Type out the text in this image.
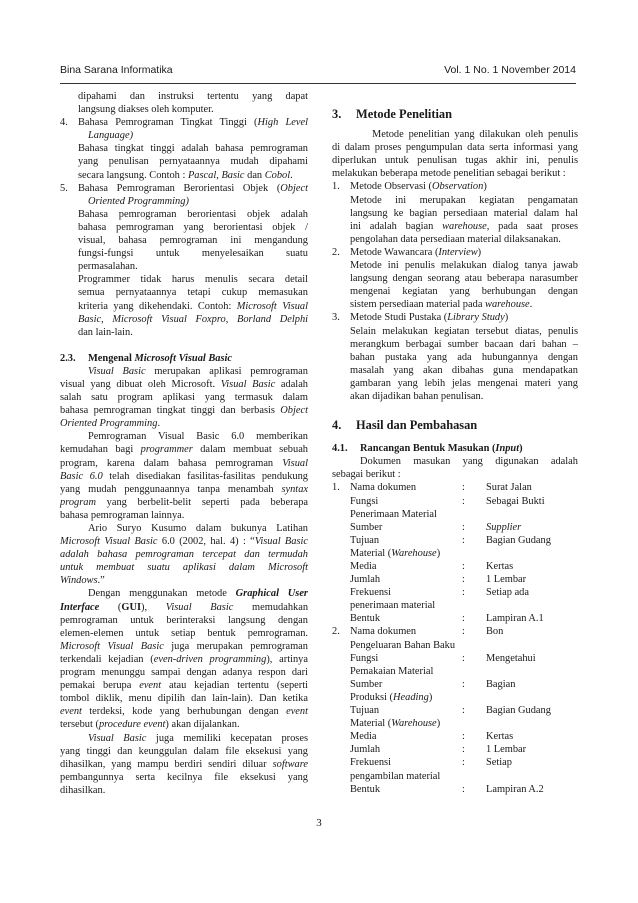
Bina Sarana Informatika	Vol. 1 No. 1 November 2014

dipahami dan instruksi tertentu yang dapat

langsung diakses oleh komputer.

4. Bahasa Pemrograman Tingkat Tinggi (High Level

Language)

Bahasa tingkat tinggi adalah bahasa pemrograman

yang penulisan pernyataannya mudah dipahami

secara langsung. Contoh : Pascal, Basic dan Cobol.

5. Bahasa Pemrograman Berorientasi Objek (Object

Oriented Programming)

Bahasa pemrograman berorientasi objek adalah

bahasa pemrograman yang berorientasi objek /

visual, bahasa pemrograman ini mengandung

fungsi-fungsi untuk menyelesaikan suatu

permasalahan.

Programmer tidak harus menulis secara detail

semua pernyataannya tetapi cukup memasukan

kriteria yang dikehendaki. Contoh: Microsoft Visual

Basic, Microsoft Visual Foxpro, Borland Delphi

dan lain-lain.

2.3.	Mengenal Microsoft Visual Basic

Visual Basic merupakan aplikasi pemrograman

visual yang dibuat oleh Microsoft. Visual Basic adalah

salah satu program aplikasi yang termasuk dalam

bahasa pemrograman tingkat tinggi dan berbasis Object

Oriented Programming.

Pemrograman Visual Basic 6.0 memberikan

kemudahan bagi programmer dalam membuat sebuah

program, karena dalam bahasa pemrograman Visual

Basic 6.0 telah disediakan fasilitas-fasilitas pendukung

yang mudah penggunaannya tanpa menambah syntax

program yang berbelit-belit seperti pada beberapa

bahasa pemrograman lainnya.

Ario Suryo Kusumo dalam bukunya Latihan

Microsoft Visual Basic 6.0 (2002, hal. 4) : “Visual Basic

adalah bahasa pemrograman tercepat dan termudah

untuk membuat suatu aplikasi dalam Microsoft

Windows.”

Dengan menggunakan metode Graphical User

Interface (GUI), Visual Basic memudahkan

pemrograman untuk berinteraksi langsung dengan

elemen-elemen untuk setiap bentuk pemrograman.

Microsoft Visual Basic juga merupakan pemrograman

terkendali kejadian (even-driven programming), artinya

program menunggu sampai dengan adanya respon dari

pemakai berupa event atau kejadian tertentu (seperti

tombol diklik, menu dipilih dan lain-lain). Dan ketika

event terdeksi, kode yang berhubungan dengan event

tersebut (procedure event) akan dijalankan.

Visual Basic juga memiliki kecepatan proses

yang tinggi dan keunggulan dalam file eksekusi yang

dihasilkan, yang mampu berdiri sendiri diluar software

pembangunnya serta kecilnya file eksekusi yang

dihasilkan.

3.	Metode Penelitian

Metode penelitian yang dilakukan oleh penulis

di dalam proses pengumpulan data serta informasi yang

diperlukan untuk penulisan tugas akhir ini, penulis

melakukan beberapa metode penelitian sebagai berikut :

1. Metode Observasi (Observation)

Metode ini merupakan kegiatan pengamatan

langsung ke bagian persediaan material dalam hal

ini adalah bagian warehouse, pada saat proses

pengolahan data persediaan material dilaksanakan.

2. Metode Wawancara (Interview)

Metode ini penulis melakukan dialog tanya jawab

langsung dengan seorang atau beberapa narasumber

mengenai kegiatan yang berhubungan dengan

sistem persediaan material pada warehouse.

3. Metode Studi Pustaka (Library Study)

Selain melakukan kegiatan tersebut diatas, penulis

merangkum berbagai sumber bacaan dari bahan –

bahan pustaka yang ada hubungannya dengan

masalah yang akan dibahas guna mendapatkan

gambaran yang lebih jelas mengenai materi yang

akan dijadikan bahan penulisan.

4.	Hasil dan Pembahasan

4.1.	Rancangan Bentuk Masukan (Input)

Dokumen masukan yang digunakan adalah

sebagai berikut :

1. Nama dokumen	:	Surat Jalan
Fungsi	:	Sebagai Bukti
Penerimaan Material
Sumber	:	Supplier
Tujuan	:	Bagian Gudang
Material (Warehouse)
Media	:	Kertas
Jumlah	:	1 Lembar
Frekuensi	:	Setiap ada
penerimaan material
Bentuk	:	Lampiran A.1
2. Nama dokumen	:	Bon
Pengeluaran Bahan Baku
Fungsi	:	Mengetahui
Pemakaian Material
Sumber	:	Bagian
Produksi (Heading)
Tujuan	:	Bagian Gudang
Material (Warehouse)
Media	:	Kertas
Jumlah	:	1 Lembar
Frekuensi	:	Setiap
pengambilan material
Bentuk	:	Lampiran A.2
3
